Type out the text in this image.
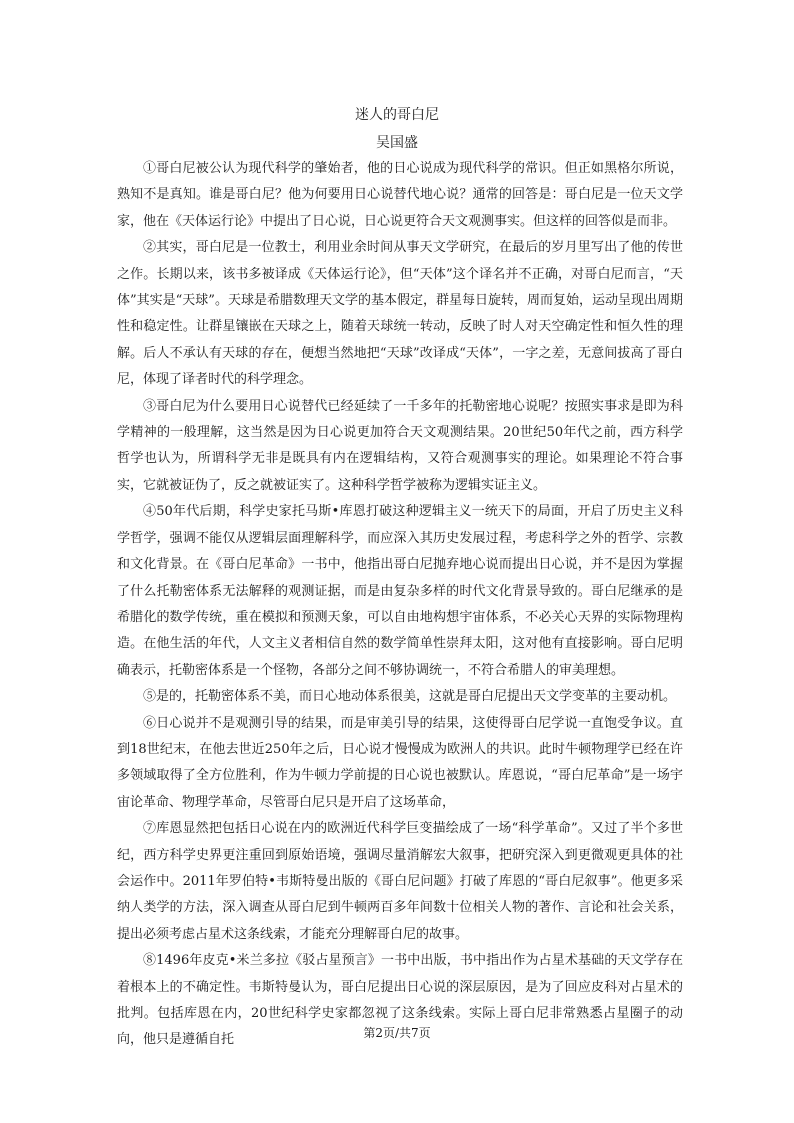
迷人的哥白尼
吴国盛

①哥白尼被公认为现代科学的肇始者，他的日心说成为现代科学的常识。但正如黑格尔所说，熟知不是真知。谁是哥白尼？他为何要用日心说替代地心说？通常的回答是：哥白尼是一位天文学家，他在《天体运行论》中提出了日心说，日心说更符合天文观测事实。但这样的回答似是而非。

②其实，哥白尼是一位教士，利用业余时间从事天文学研究，在最后的岁月里写出了他的传世之作。长期以来，该书多被译成《天体运行论》，但“天体”这个译名并不正确，对哥白尼而言，“天体”其实是“天球”。天球是希腊数理天文学的基本假定，群星每日旋转，周而复始，运动呈现出周期性和稳定性。让群星镶嵌在天球之上，随着天球统一转动，反映了时人对天空确定性和恒久性的理解。后人不承认有天球的存在，便想当然地把“天球”改译成“天体”，一字之差，无意间拔高了哥白尼，体现了译者时代的科学理念。

③哥白尼为什么要用日心说替代已经延续了一千多年的托勒密地心说呢？按照实事求是即为科学精神的一般理解，这当然是因为日心说更加符合天文观测结果。20世纪50年代之前，西方科学哲学也认为，所谓科学无非是既具有内在逻辑结构，又符合观测事实的理论。如果理论不符合事实，它就被证伪了，反之就被证实了。这种科学哲学被称为逻辑实证主义。

④50年代后期，科学史家托马斯•库恩打破这种逻辑主义一统天下的局面，开启了历史主义科学哲学，强调不能仅从逻辑层面理解科学，而应深入其历史发展过程，考虑科学之外的哲学、宗教和文化背景。在《哥白尼革命》一书中，他指出哥白尼抛弃地心说而提出日心说，并不是因为掌握了什么托勒密体系无法解释的观测证据，而是由复杂多样的时代文化背景导致的。哥白尼继承的是希腊化的数学传统，重在模拟和预测天象，可以自由地构想宇宙体系，不必关心天界的实际物理构造。在他生活的年代，人文主义者相信自然的数学简单性崇拜太阳，这对他有直接影响。哥白尼明确表示，托勒密体系是一个怪物，各部分之间不够协调统一，不符合希腊人的审美理想。

⑤是的，托勒密体系不美，而日心地动体系很美，这就是哥白尼提出天文学变革的主要动机。

⑥日心说并不是观测引导的结果，而是审美引导的结果，这使得哥白尼学说一直饱受争议。直到18世纪末，在他去世近250年之后，日心说才慢慢成为欧洲人的共识。此时牛顿物理学已经在许多领域取得了全方位胜利，作为牛顿力学前提的日心说也被默认。库恩说，“哥白尼革命”是一场宇宙论革命、物理学革命，尽管哥白尼只是开启了这场革命，

⑦库恩显然把包括日心说在内的欧洲近代科学巨变描绘成了一场“科学革命”。又过了半个多世纪，西方科学史界更注重回到原始语境，强调尽量消解宏大叙事，把研究深入到更微观更具体的社会运作中。2011年罗伯特•韦斯特曼出版的《哥白尼问题》打破了库恩的“哥白尼叙事”。他更多采纳人类学的方法，深入调查从哥白尼到牛顿两百多年间数十位相关人物的著作、言论和社会关系，提出必须考虑占星术这条线索，才能充分理解哥白尼的故事。

⑧1496年皮克•米兰多拉《驳占星预言》一书中出版，书中指出作为占星术基础的天文学存在着根本上的不确定性。韦斯特曼认为，哥白尼提出日心说的深层原因，是为了回应皮科对占星术的批判。包括库恩在内，20世纪科学史家都忽视了这条线索。实际上哥白尼非常熟悉占星圈子的动向，他只是遵循自托	第2页/共7页
